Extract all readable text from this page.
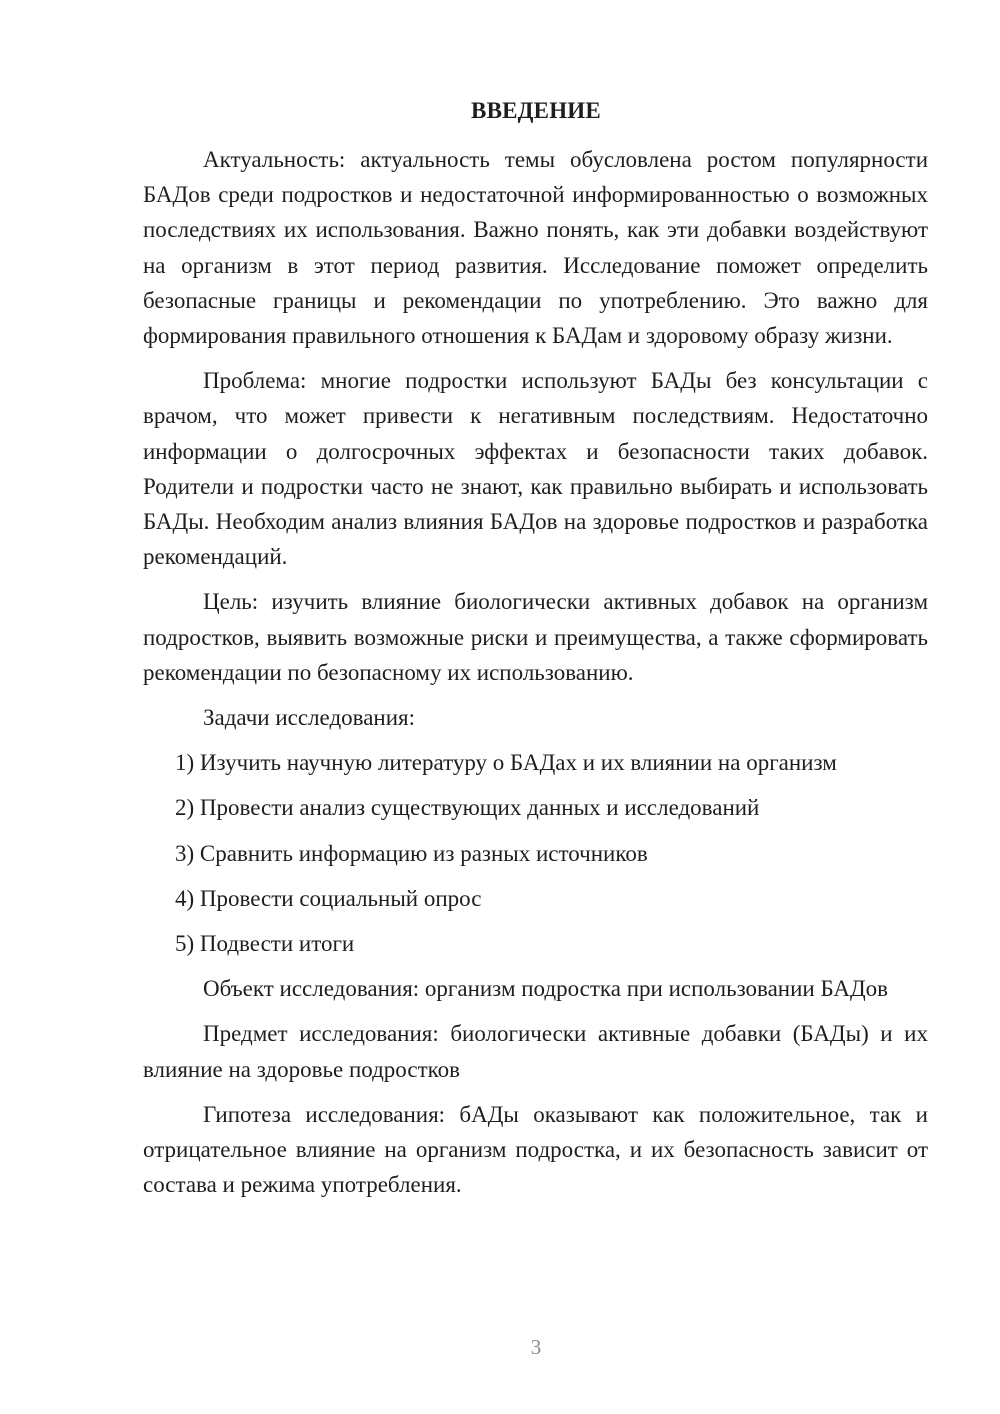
ВВЕДЕНИЕ

Актуальность: актуальность темы обусловлена ростом популярности БАДов среди подростков и недостаточной информированностью о возможных последствиях их использования. Важно понять, как эти добавки воздействуют на организм в этот период развития. Исследование поможет определить безопасные границы и рекомендации по употреблению. Это важно для формирования правильного отношения к БАДам и здоровому образу жизни.

Проблема: многие подростки используют БАДы без консультации с врачом, что может привести к негативным последствиям. Недостаточно информации о долгосрочных эффектах и безопасности таких добавок. Родители и подростки часто не знают, как правильно выбирать и использовать БАДы. Необходим анализ влияния БАДов на здоровье подростков и разработка рекомендаций.

Цель: изучить влияние биологически активных добавок на организм подростков, выявить возможные риски и преимущества, а также сформировать рекомендации по безопасному их использованию.

Задачи исследования:

1) Изучить научную литературу о БАДах и их влиянии на организм

2) Провести анализ существующих данных и исследований

3) Сравнить информацию из разных источников

4) Провести социальный опрос

5) Подвести итоги

Объект исследования: организм подростка при использовании БАДов

Предмет исследования: биологически активные добавки (БАДы) и их влияние на здоровье подростков

Гипотеза исследования: бАДы оказывают как положительное, так и отрицательное влияние на организм подростка, и их безопасность зависит от состава и режима употребления.

3
